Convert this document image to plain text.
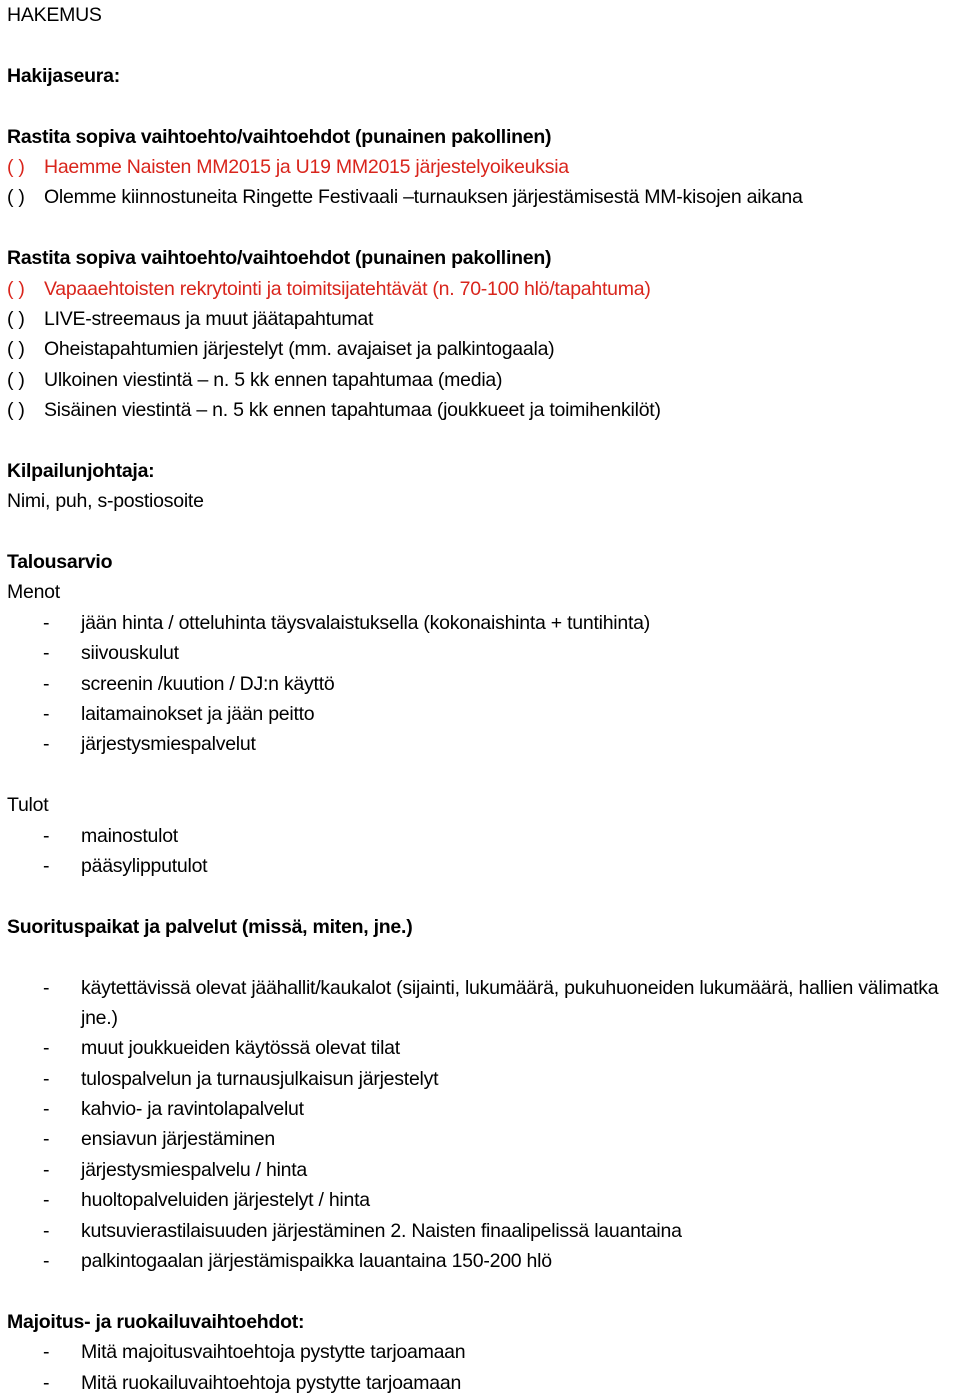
HAKEMUS
Hakijaseura:
Rastita sopiva vaihtoehto/vaihtoehdot (punainen pakollinen)
( ) Haemme Naisten MM2015 ja U19 MM2015 järjestelyoikeuksia
( ) Olemme kiinnostuneita Ringette Festivaali –turnauksen järjestämisestä MM-kisojen aikana
Rastita sopiva vaihtoehto/vaihtoehdot (punainen pakollinen)
( ) Vapaaehtoisten rekrytointi ja toimitsijatehtävät (n. 70-100 hlö/tapahtuma)
( ) LIVE-streemaus ja muut jäätapahtumat
( ) Oheistapahtumien järjestelyt (mm. avajaiset ja palkintogaala)
( ) Ulkoinen viestintä – n. 5 kk ennen tapahtumaa (media)
( ) Sisäinen viestintä – n. 5 kk ennen tapahtumaa (joukkueet ja toimihenkilöt)
Kilpailunjohtaja:
Nimi, puh, s-postiosoite
Talousarvio
Menot
- jään hinta / otteluhinta täysvalaistuksella (kokonaishinta + tuntihinta)
- siivouskulut
- screenin /kuution / DJ:n käyttö
- laitamainokset ja jään peitto
- järjestysmiespalvelut
Tulot
- mainostulot
- pääsylipputulot
Suorituspaikat ja palvelut (missä, miten, jne.)
- käytettävissä olevat jäähallit/kaukalot (sijainti, lukumäärä, pukuhuoneiden lukumäärä, hallien välimatka jne.)
- muut joukkueiden käytössä olevat tilat
- tulospalvelun ja turnausjulkaisun järjestelyt
- kahvio- ja ravintolapalvelut
- ensiavun järjestäminen
- järjestysmiespalvelu / hinta
- huoltopalveluiden järjestelyt / hinta
- kutsuvierastilaisuuden järjestäminen 2. Naisten finaalipelissä lauantaina
- palkintogaalan järjestämispaikka lauantaina 150-200 hlö
Majoitus- ja ruokailuvaihtoehdot:
- Mitä majoitusvaihtoehtoja pystytte tarjoamaan
- Mitä ruokailuvaihtoehtoja pystytte tarjoamaan
